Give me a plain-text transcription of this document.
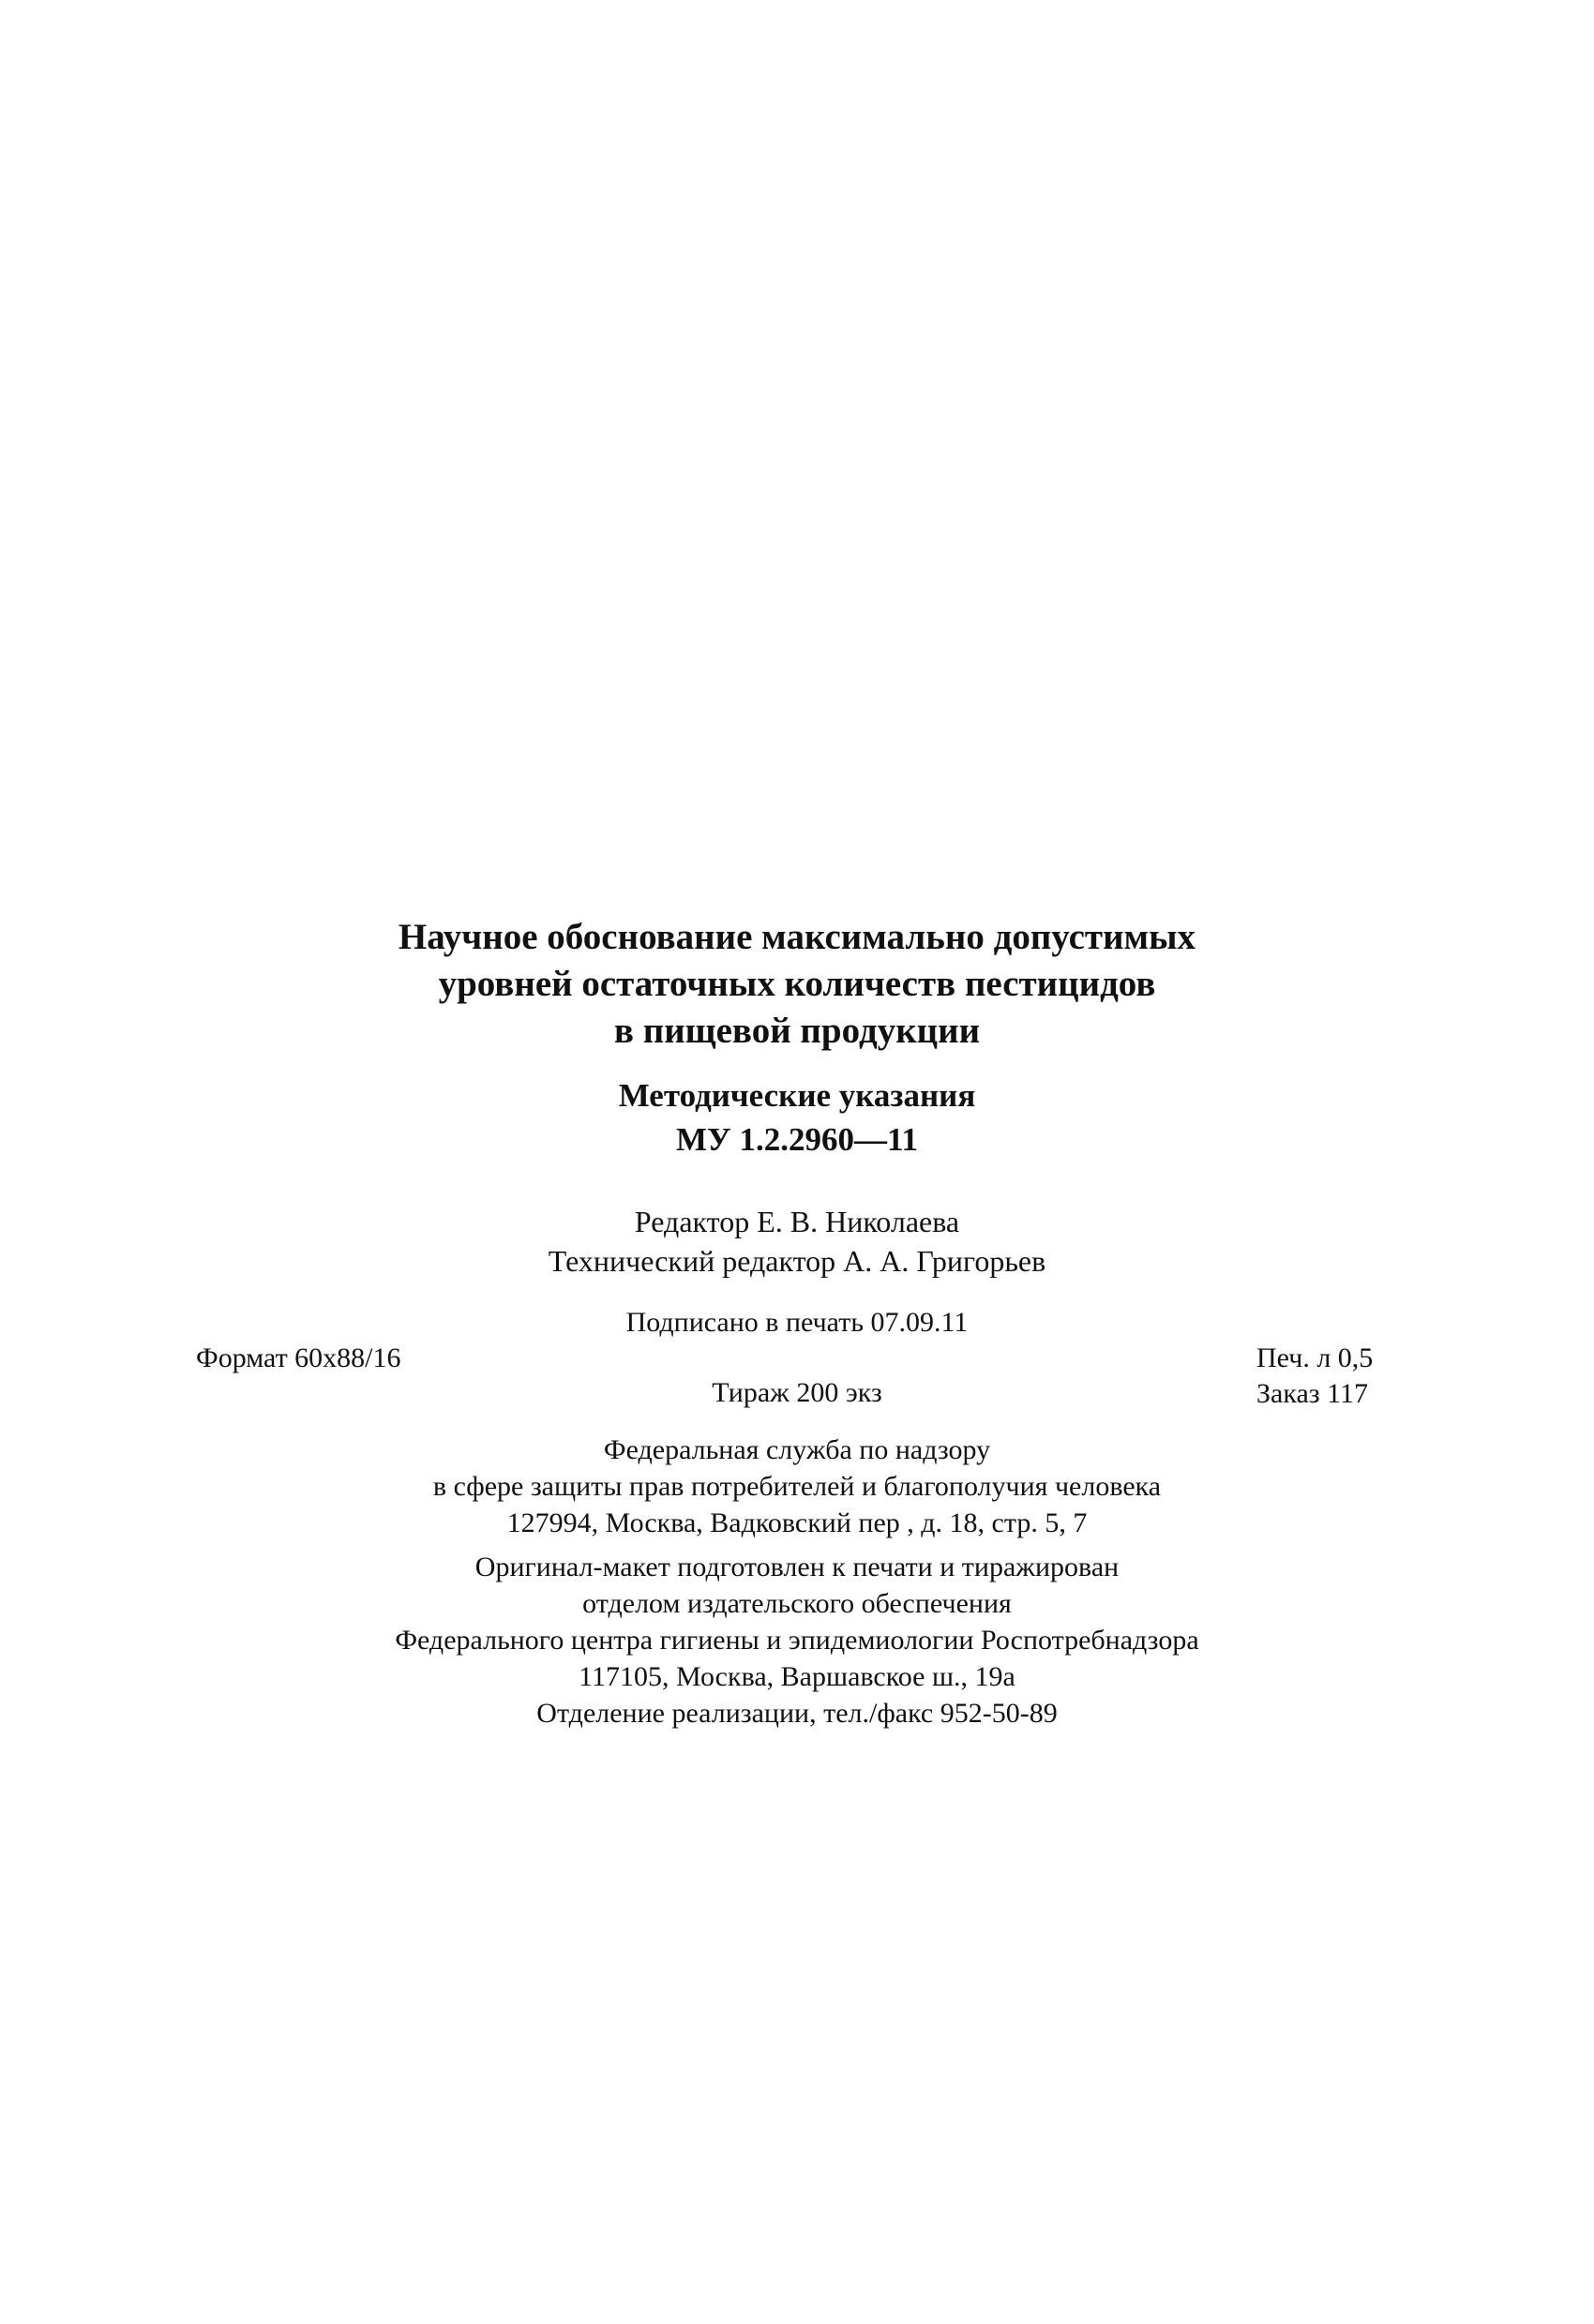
Научное обоснование максимально допустимых
уровней остаточных количеств пестицидов
в пищевой продукции
Методические указания
МУ 1.2.2960—11
Редактор Е. В. Николаева
Технический редактор А. А. Григорьев
Подписано в печать 07.09.11
Формат 60x88/16	Печ. л 0,5
Заказ 117
Тираж 200 экз
Федеральная служба по надзору
в сфере защиты прав потребителей и благополучия человека
127994, Москва, Вадковский пер , д. 18, стр. 5, 7
Оригинал-макет подготовлен к печати и тиражирован
отделом издательского обеспечения
Федерального центра гигиены и эпидемиологии Роспотребнадзора
117105, Москва, Варшавское ш., 19а
Отделение реализации, тел./факс 952-50-89
